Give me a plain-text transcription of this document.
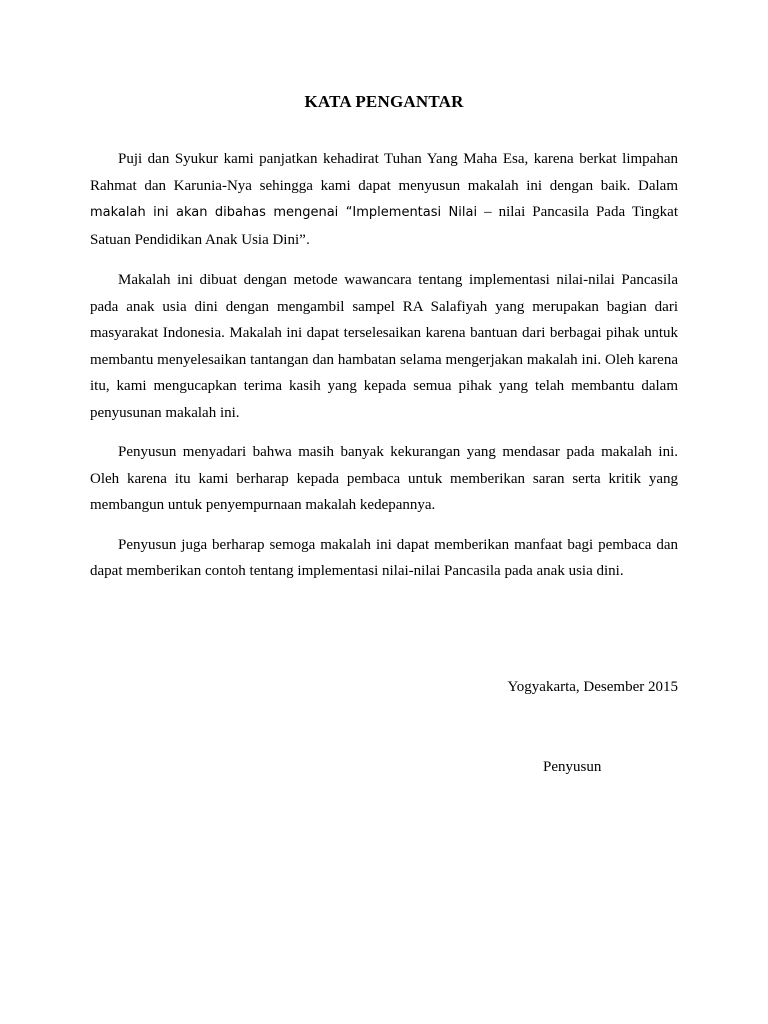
KATA PENGANTAR

Puji dan Syukur kami panjatkan kehadirat Tuhan Yang Maha Esa, karena berkat limpahan Rahmat dan Karunia-Nya sehingga kami dapat menyusun makalah ini dengan baik. Dalam makalah ini akan dibahas mengenai “Implementasi Nilai – nilai Pancasila Pada Tingkat Satuan Pendidikan Anak Usia Dini”.

Makalah ini dibuat dengan metode wawancara tentang implementasi nilai-nilai Pancasila pada anak usia dini dengan mengambil sampel RA Salafiyah yang merupakan bagian dari masyarakat Indonesia. Makalah ini dapat terselesaikan karena bantuan dari berbagai pihak untuk membantu menyelesaikan tantangan dan hambatan selama mengerjakan makalah ini. Oleh karena itu, kami mengucapkan terima kasih yang kepada semua pihak yang telah membantu dalam penyusunan makalah ini.

Penyusun menyadari bahwa masih banyak kekurangan yang mendasar pada makalah ini. Oleh karena itu kami berharap kepada pembaca untuk memberikan saran serta kritik yang membangun untuk penyempurnaan makalah kedepannya.

Penyusun juga berharap semoga makalah ini dapat memberikan manfaat bagi pembaca dan dapat memberikan contoh tentang implementasi nilai-nilai Pancasila pada anak usia dini.

Yogyakarta, Desember 2015

Penyusun
